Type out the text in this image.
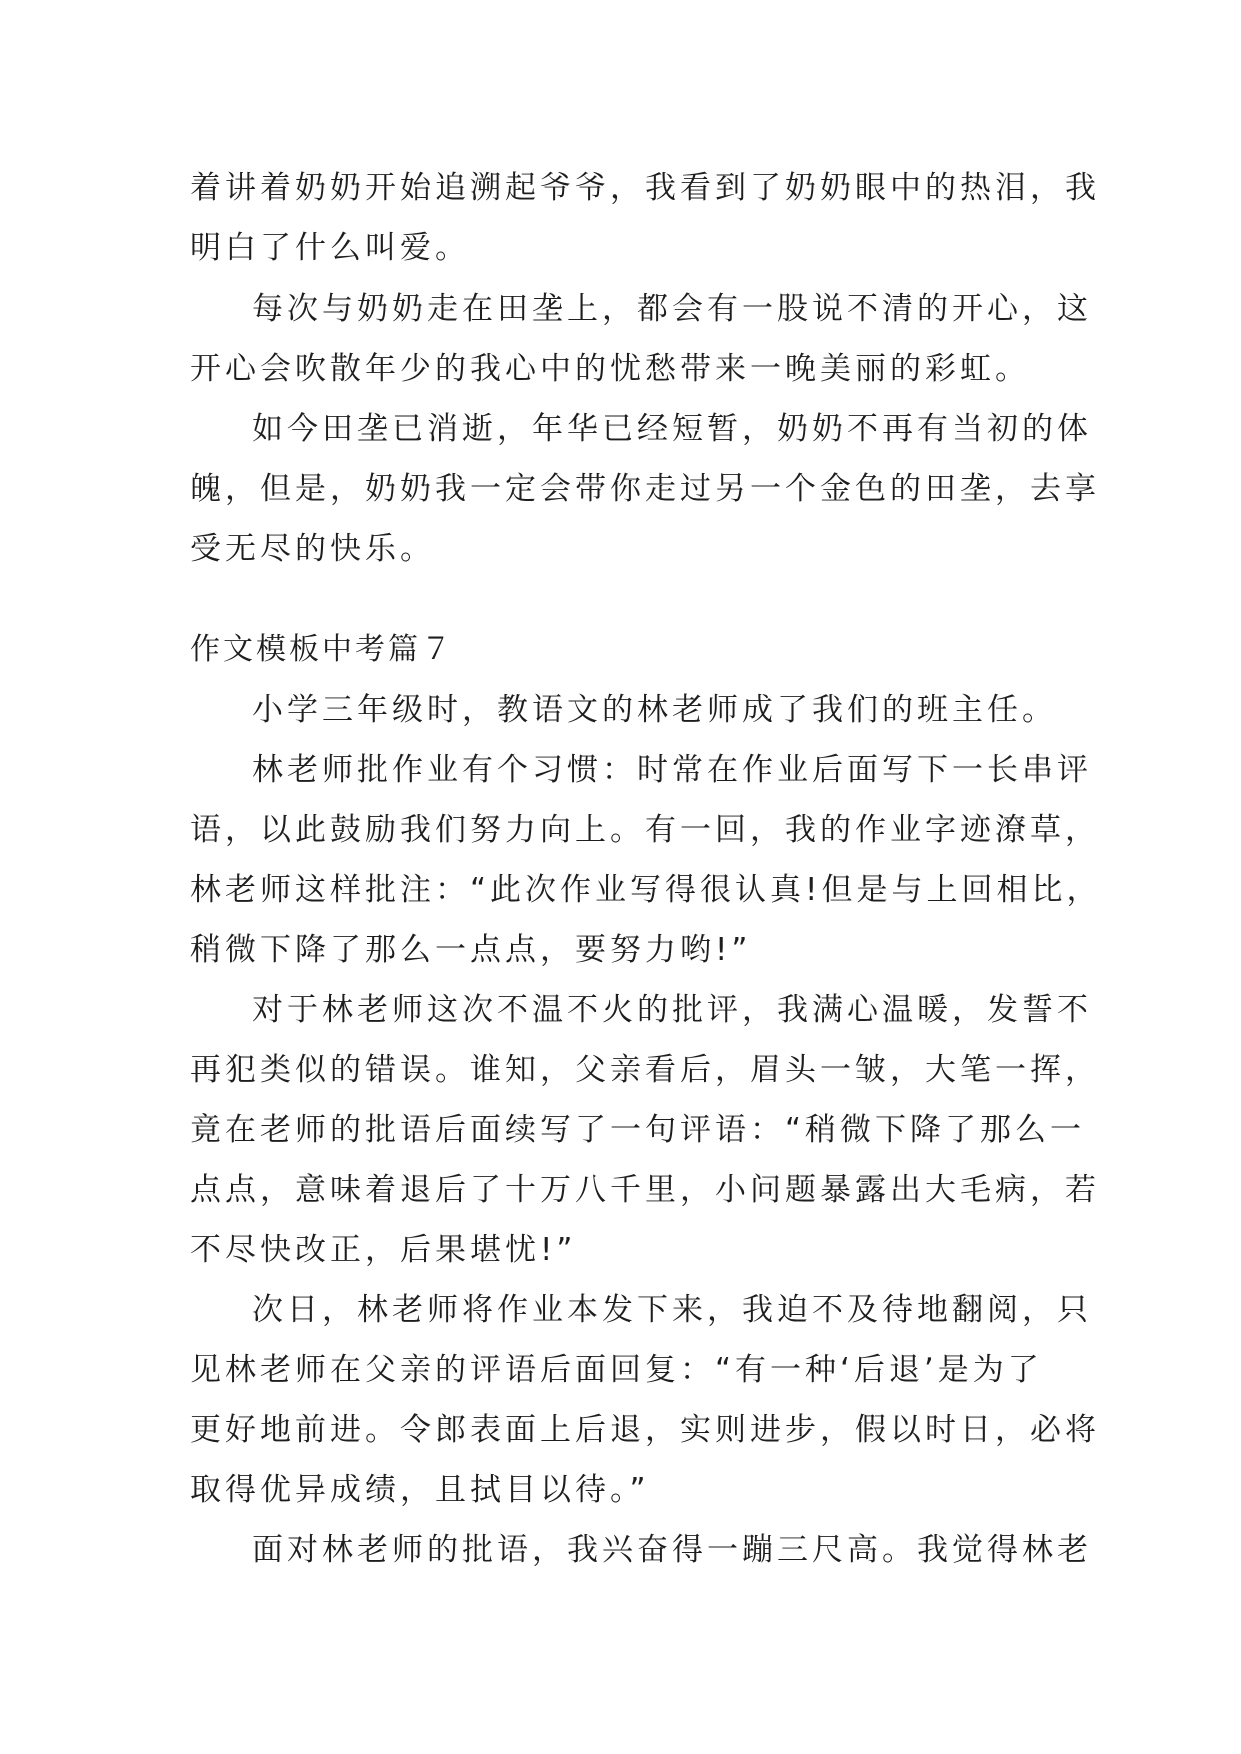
着讲着奶奶开始追溯起爷爷，我看到了奶奶眼中的热泪，我
明白了什么叫爱。
每次与奶奶走在田垄上，都会有一股说不清的开心，这
开心会吹散年少的我心中的忧愁带来一晚美丽的彩虹。
如今田垄已消逝，年华已经短暂，奶奶不再有当初的体
魄，但是，奶奶我一定会带你走过另一个金色的田垄，去享
受无尽的快乐。
作文模板中考篇７
小学三年级时，教语文的林老师成了我们的班主任。
林老师批作业有个习惯：时常在作业后面写下一长串评
语，以此鼓励我们努力向上。有一回，我的作业字迹潦草，
林老师这样批注：“此次作业写得很认真!但是与上回相比，
稍微下降了那么一点点，要努力哟!”
对于林老师这次不温不火的批评，我满心温暖，发誓不
再犯类似的错误。谁知，父亲看后，眉头一皱，大笔一挥，
竟在老师的批语后面续写了一句评语：“稍微下降了那么一
点点，意味着退后了十万八千里，小问题暴露出大毛病，若
不尽快改正，后果堪忧!”
次日，林老师将作业本发下来，我迫不及待地翻阅，只
见林老师在父亲的评语后面回复：“有一种‘后退’是为了
更好地前进。令郎表面上后退，实则进步，假以时日，必将
取得优异成绩，且拭目以待。”
面对林老师的批语，我兴奋得一蹦三尺高。我觉得林老
